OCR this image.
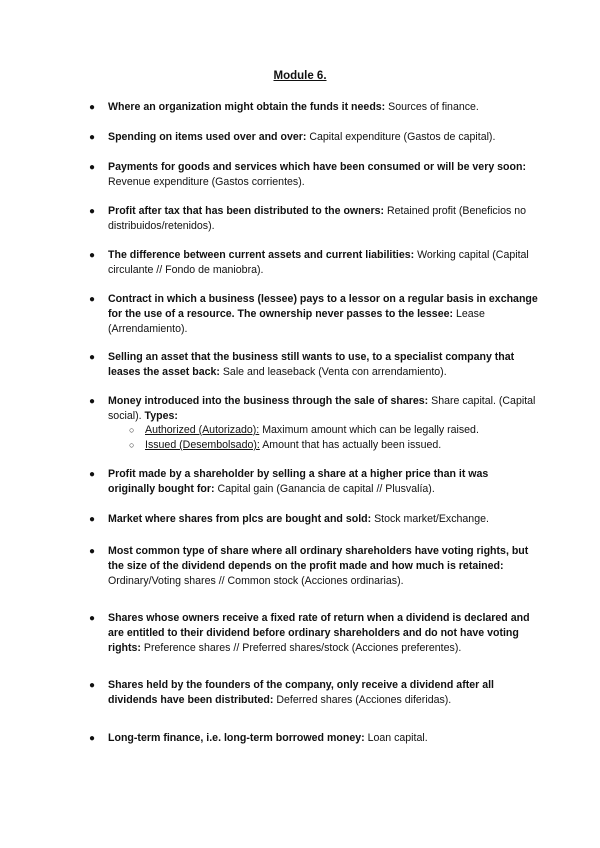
Module 6.
● Where an organization might obtain the funds it needs: Sources of finance.
● Spending on items used over and over: Capital expenditure (Gastos de capital).
● Payments for goods and services which have been consumed or will be very soon: Revenue expenditure (Gastos corrientes).
● Profit after tax that has been distributed to the owners: Retained profit (Beneficios no distribuidos/retenidos).
● The difference between current assets and current liabilities: Working capital (Capital circulante // Fondo de maniobra).
● Contract in which a business (lessee) pays to a lessor on a regular basis in exchange for the use of a resource. The ownership never passes to the lessee: Lease (Arrendamiento).
● Selling an asset that the business still wants to use, to a specialist company that leases the asset back: Sale and leaseback (Venta con arrendamiento).
● Money introduced into the business through the sale of shares: Share capital. (Capital social). Types:
○ Authorized (Autorizado): Maximum amount which can be legally raised.
○ Issued (Desembolsado): Amount that has actually been issued.
● Profit made by a shareholder by selling a share at a higher price than it was originally bought for: Capital gain (Ganancia de capital // Plusvalía).
● Market where shares from plcs are bought and sold: Stock market/Exchange.
● Most common type of share where all ordinary shareholders have voting rights, but the size of the dividend depends on the profit made and how much is retained: Ordinary/Voting shares // Common stock (Acciones ordinarias).
● Shares whose owners receive a fixed rate of return when a dividend is declared and are entitled to their dividend before ordinary shareholders and do not have voting rights: Preference shares // Preferred shares/stock (Acciones preferentes).
● Shares held by the founders of the company, only receive a dividend after all dividends have been distributed: Deferred shares (Acciones diferidas).
● Long-term finance, i.e. long-term borrowed money: Loan capital.
